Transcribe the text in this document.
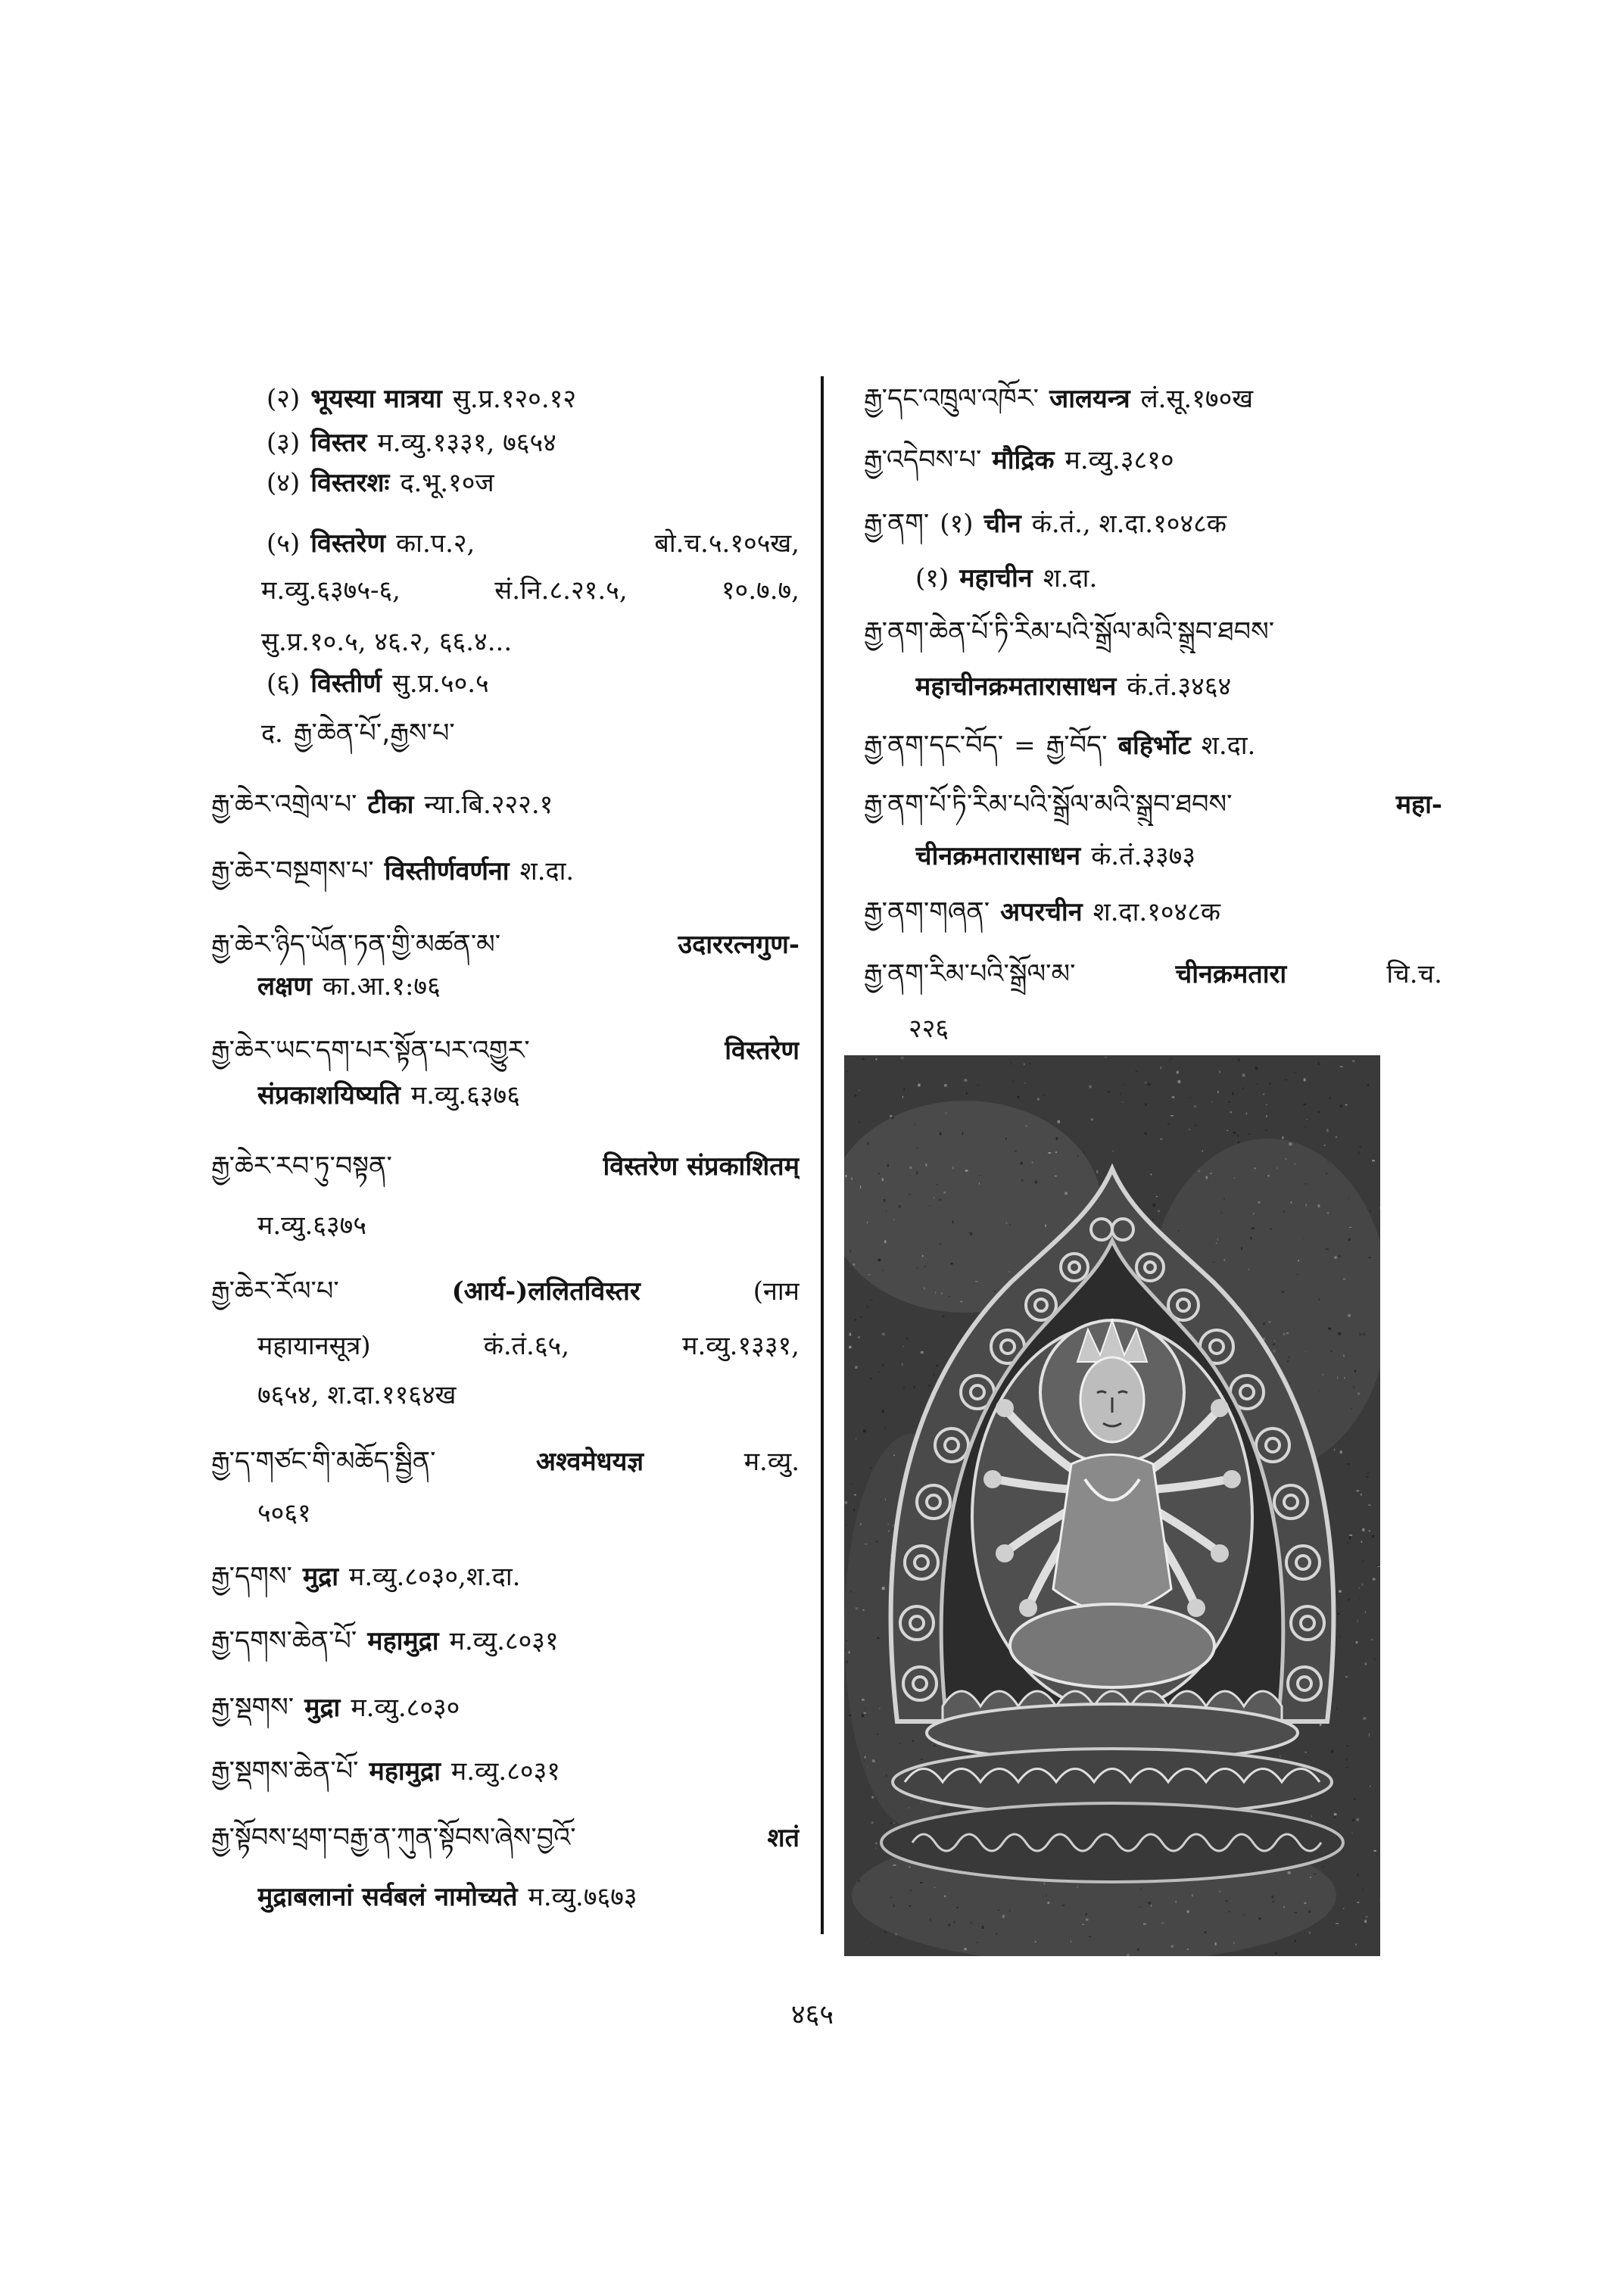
(२) भूयस्या मात्रया सु.प्र.१२०.१२
(३) विस्तर म.व्यु.१३३१, ७६५४
(४) विस्तरशः द.भू.१०ज
(५) विस्तरेण का.प.२, बो.च.५.१०५ख,
म.व्यु.६३७५-६, सं.नि.८.२१.५, १०.७.७,
सु.प्र.१०.५, ४६.२, ६६.४...
(६) विस्तीर्ण सु.प्र.५०.५
द. རྒྱ་ཆེན་པོ་,རྒྱས་པ་
རྒྱ་ཆེར་འགྲེལ་པ་ टीका न्या.बि.२२२.१
རྒྱ་ཆེར་བསྔགས་པ་ विस्तीर्णवर्णना श.दा.
རྒྱ་ཆེར་ཉིད་ཡོན་ཏན་གྱི་མཚན་མ་	उदाररत्नगुण-
लक्षण का.आ.१:७६
རྒྱ་ཆེར་ཡང་དག་པར་སྟོན་པར་འགྱུར་	विस्तरेण
संप्रकाशयिष्यति म.व्यु.६३७६
རྒྱ་ཆེར་རབ་ཏུ་བསྟན་	विस्तरेण संप्रकाशितम्
म.व्यु.६३७५
རྒྱ་ཆེར་རོལ་པ་	(आर्य-)ललितविस्तर	(नाम
महायानसूत्र) कं.तं.६५, म.व्यु.१३३१,
७६५४, श.दा.११६४ख
རྒྱ་ད་གཙང་གི་མཆོད་སྦྱིན་	अश्वमेधयज्ञ	म.व्यु.
५०६१
རྒྱ་དགས་ मुद्रा म.व्यु.८०३०,श.दा.
རྒྱ་དགས་ཆེན་པོ་ महामुद्रा म.व्यु.८०३१
རྒྱ་སྡགས་ मुद्रा म.व्यु.८०३०
རྒྱ་སྡགས་ཆེན་པོ་ महामुद्रा म.व्यु.८०३१
རྒྱ་སྟོབས་ཕྲག་བརྒྱ་ན་ཀུན་སྟོབས་ཞེས་བྱའོ་	शतं
मुद्राबलानां सर्वबलं नामोच्यते म.व्यु.७६७३
རྒྱ་དང་འཁྲུལ་འཁོར་ जालयन्त्र लं.सू.१७०ख
རྒྱ་འདེབས་པ་ मौद्रिक म.व्यु.३८१०
རྒྱ་ནག་ (१) चीन कं.तं., श.दा.१०४८क
(१) महाचीन श.दा.
རྒྱ་ནག་ཆེན་པོ་ཏི་རིམ་པའི་སྒྲོལ་མའི་སྒྲུབ་ཐབས་
महाचीनक्रमतारासाधन कं.तं.३४६४
རྒྱ་ནག་དང་བོད་ = རྒྱ་བོད་ बहिर्भोट श.दा.
རྒྱ་ནག་པོ་ཏི་རིམ་པའི་སྒྲོལ་མའི་སྒྲུབ་ཐབས་	महा-
चीनक्रमतारासाधन कं.तं.३३७३
རྒྱ་ནག་གཞན་ अपरचीन श.दा.१०४८क
རྒྱ་ནག་རིམ་པའི་སྒྲོལ་མ་	चीनक्रमतारा	चि.च.
२२६
४६५
